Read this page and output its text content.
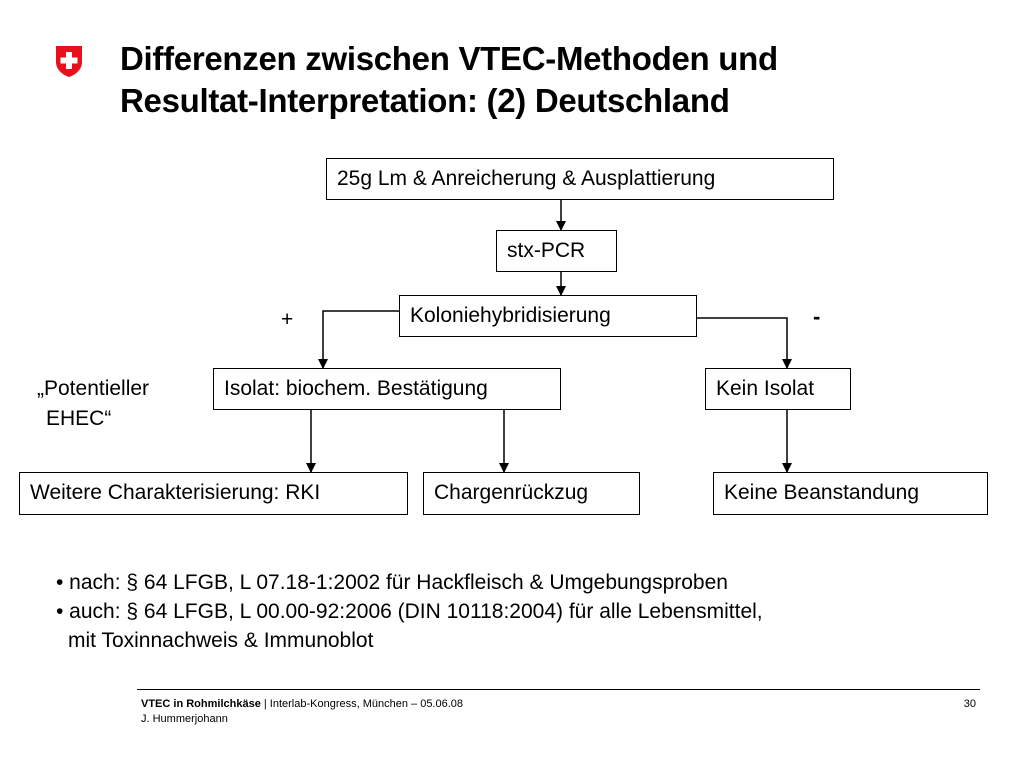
Differenzen zwischen VTEC-Methoden und
Resultat-Interpretation: (2) Deutschland
25g Lm & Anreicherung & Ausplattierung
stx-PCR
Koloniehybridisierung
+	-
Isolat: biochem. Bestätigung	Kein Isolat
„Potentieller
EHEC“
Weitere Charakterisierung: RKI	Chargenrückzug	Keine Beanstandung
• nach: § 64 LFGB, L 07.18-1:2002 für Hackfleisch & Umgebungsproben
• auch: § 64 LFGB, L 00.00-92:2006 (DIN 10118:2004) für alle Lebensmittel,
mit Toxinnachweis & Immunoblot
VTEC in Rohmilchkäse | Interlab-Kongress, München – 05.06.08
J. Hummerjohann
30
